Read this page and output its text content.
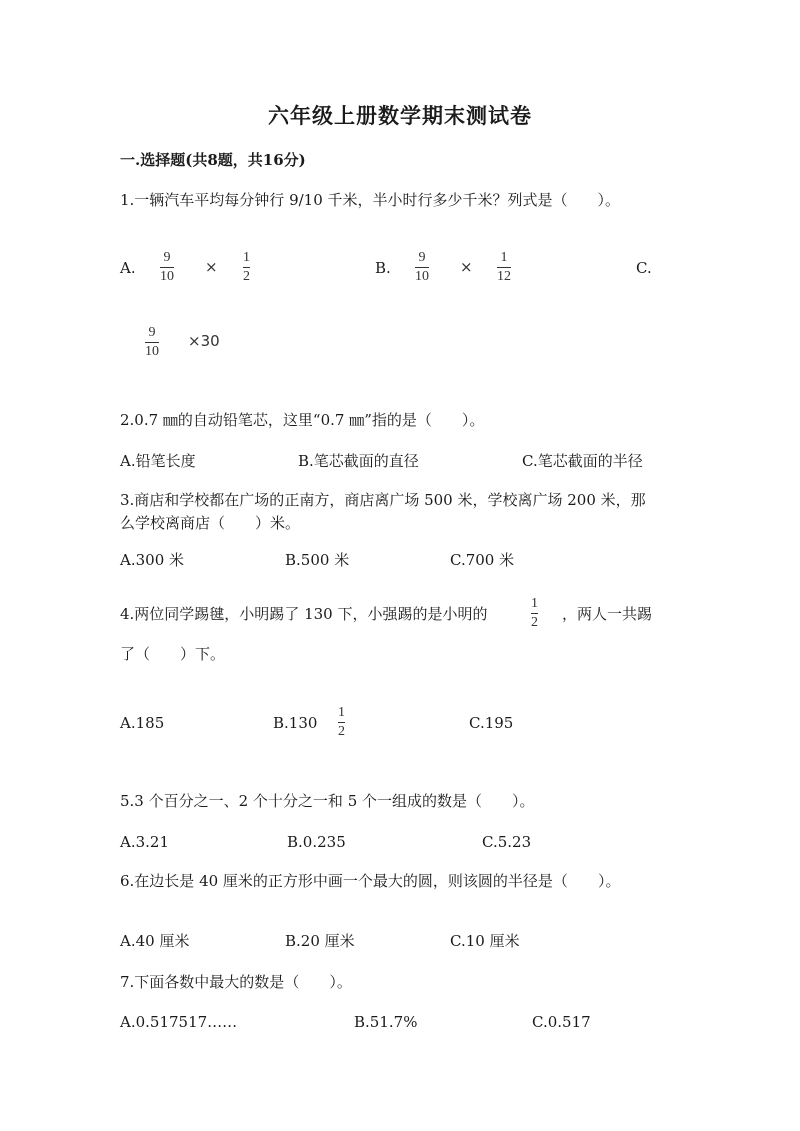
六年级上册数学期末测试卷
一.选择题(共8题，共16分)
1.一辆汽车平均每分钟行 9/10 千米，半小时行多少千米？列式是（　　）。
A.
9
10
×
1
2	B.
9
10
×
1
12	C.
9
10
×30
2.0.7 ㎜的自动铅笔芯，这里“0.7 ㎜”指的是（　　）。
A.铅笔长度	B.笔芯截面的直径	C.笔芯截面的半径
3.商店和学校都在广场的正南方，商店离广场 500 米，学校离广场 200 米，那
么学校离商店（　　）米。
A.300 米	B.500 米	C.700 米
4.两位同学踢毽，小明踢了 130 下，小强踢的是小明的
1
2 ，两人一共踢
了（　　）下。
A.185	B.130
1
2	C.195
5.3 个百分之一、2 个十分之一和 5 个一组成的数是（　　）。
A.3.21	B.0.235	C.5.23
6.在边长是 40 厘米的正方形中画一个最大的圆，则该圆的半径是（　　）。
A.40 厘米	B.20 厘米	C.10 厘米
7.下面各数中最大的数是（　　）。
A.0.517517……	B.51.7%	C.0.517
